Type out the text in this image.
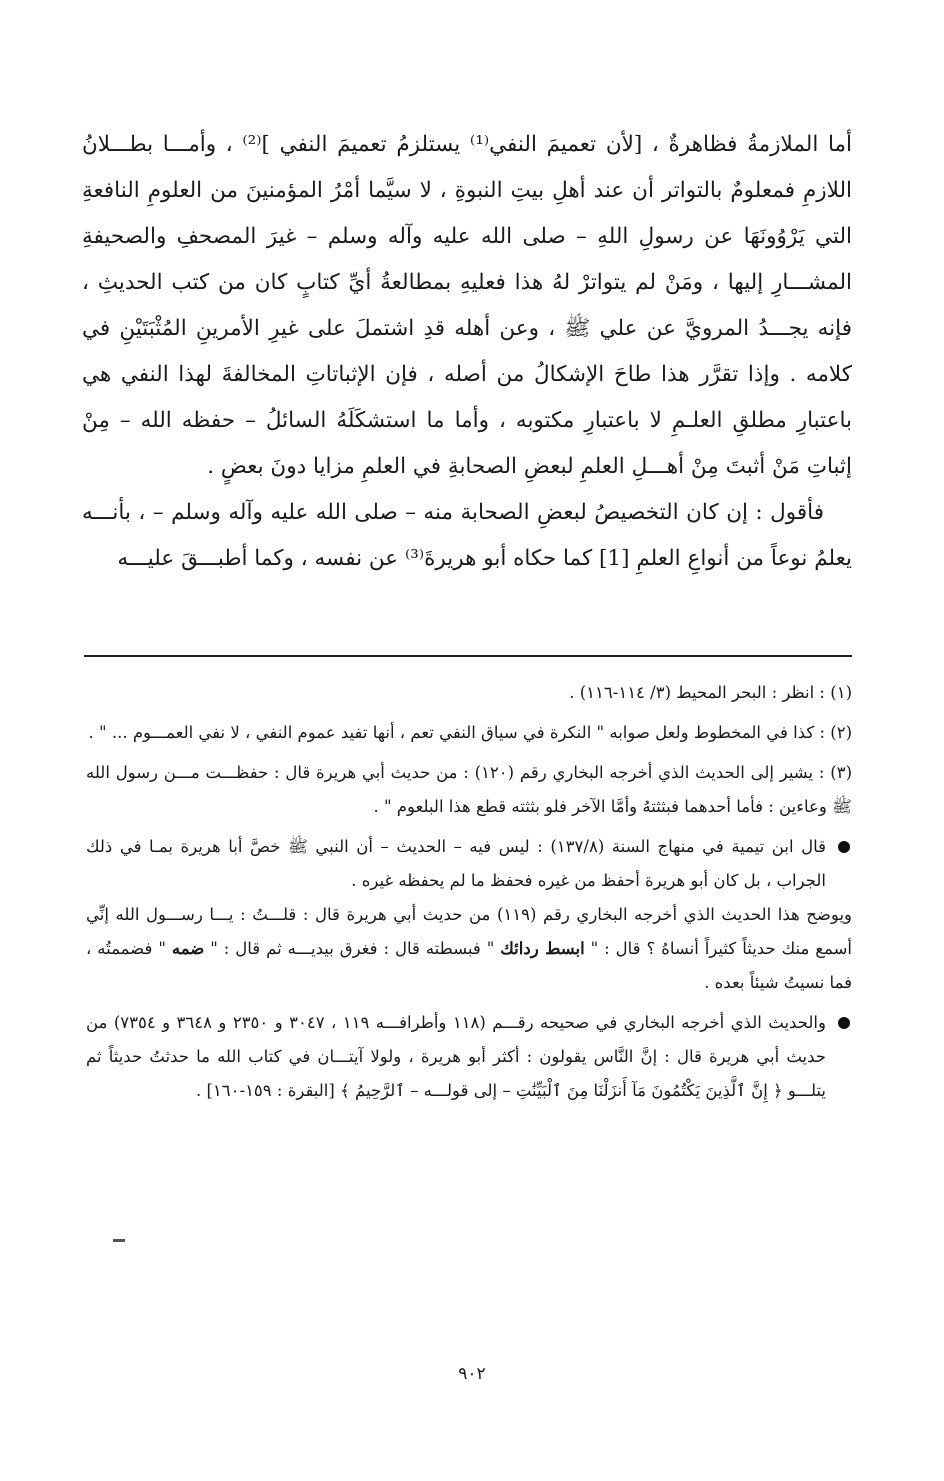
أما الملازمةُ فظاهرةٌ ، [لأن تعميمَ النفي⁽¹⁾ يستلزمُ تعميمَ النفي ]⁽²⁾ ، وأمـــا بطـــلانُ اللازمِ فمعلومٌ بالتواتر أن عند أهلِ بيتِ النبوةِ ، لا سيَّما أمْرُ المؤمنينَ من العلومِ النافعةِ التي يَرْوُونَهَا عن رسولِ اللهِ – صلى الله عليه وآله وسلم – غيرَ المصحفِ والصحيفةِ المشـــارِ إليها ، ومَنْ لم يتواترْ لهُ هذا فعليهِ بمطالعةُ أيِّ كتابٍ كان من كتب الحديثِ ، فإنه يجـــدُ المرويَّ عن علي ﷺ ، وعن أهله قدِ اشتملَ على غيرِ الأمرينِ المُثْبَتَيْنِ في كلامه . وإذا تقرَّر هذا طاحَ الإشكالُ من أصله ، فإن الإثباتاتِ المخالفةَ لهذا النفي هي باعتبارِ مطلقِ العلـمِ لا باعتبارِ مكتوبه ، وأما ما استشكَلَهُ السائلُ – حفظه الله – مِنْ إثباتِ مَنْ أثبتَ مِنْ أهـــلِ العلمِ لبعضِ الصحابةِ في العلمِ مزايا دونَ بعضٍ .

فأقول : إن كان التخصيصُ لبعضِ الصحابة منه – صلى الله عليه وآله وسلم – ، بأنـــه يعلمُ نوعاً من أنواعِ العلمِ [1] كما حكاه أبو هريرةَ⁽³⁾ عن نفسه ، وكما أطبـــقَ عليـــه

(١) : انظر : البحر المحيط (٣/ ١١٤-١١٦) .

(٢) : كذا في المخطوط ولعل صوابه " النكرة في سياق النفي تعم ، أنها تفيد عموم النفي ، لا نفي العمـــوم ... " .

(٣) : يشير إلى الحديث الذي أخرجه البخاري رقم (١٢٠) : من حديث أبي هريرة قال : حفظـــت مـــن رسول الله ﷺ وعاءين : فأما أحدهما فبثثتهُ وأمَّا الآخر فلو بثثته قطع هذا البلعوم " .

قال ابن تيمية في منهاج السنة (١٣٧/٨) : ليس فيه – الحديث – أن النبي ﷺ خصَّ أبا هريرة بمـا في ذلك الجراب ، بل كان أبو هريرة أحفظ من غيره فحفظ ما لم يحفظه غيره .

ويوضح هذا الحديث الذي أخرجه البخاري رقم (١١٩) من حديث أبي هريرة قال : قلـــتُ : يـــا رســـول الله إنِّي أسمع منك حديثاً كثيراً أنساهُ ؟ قال : " ابسط ردائك " فبسطته قال : فغرق بيديـــه ثم قال : " ضمه " فضممتُه ، فما نسيتُ شيئاً بعده .

والحديث الذي أخرجه البخاري في صحيحه رقـــم (١١٨ وأطرافـــه ١١٩ ، ٣٠٤٧ و ٢٣٥٠ و ٣٦٤٨ و ٧٣٥٤) من حديث أبي هريرة قال : إنَّ النَّاس يقولون : أكثر أبو هريرة ، ولولا آيتـــان في كتاب الله ما حدثتُ حديثاً ثم يتلـــو ﴿ إِنَّ ٱلَّذِينَ يَكْتُمُونَ مَآ أَنزَلْنَا مِنَ ٱلْبَيِّنَٰتِ – إلى قولـــه – ٱلرَّحِيمُ ﴾ [البقرة : ١٥٩-١٦٠] .

٩٠٢
